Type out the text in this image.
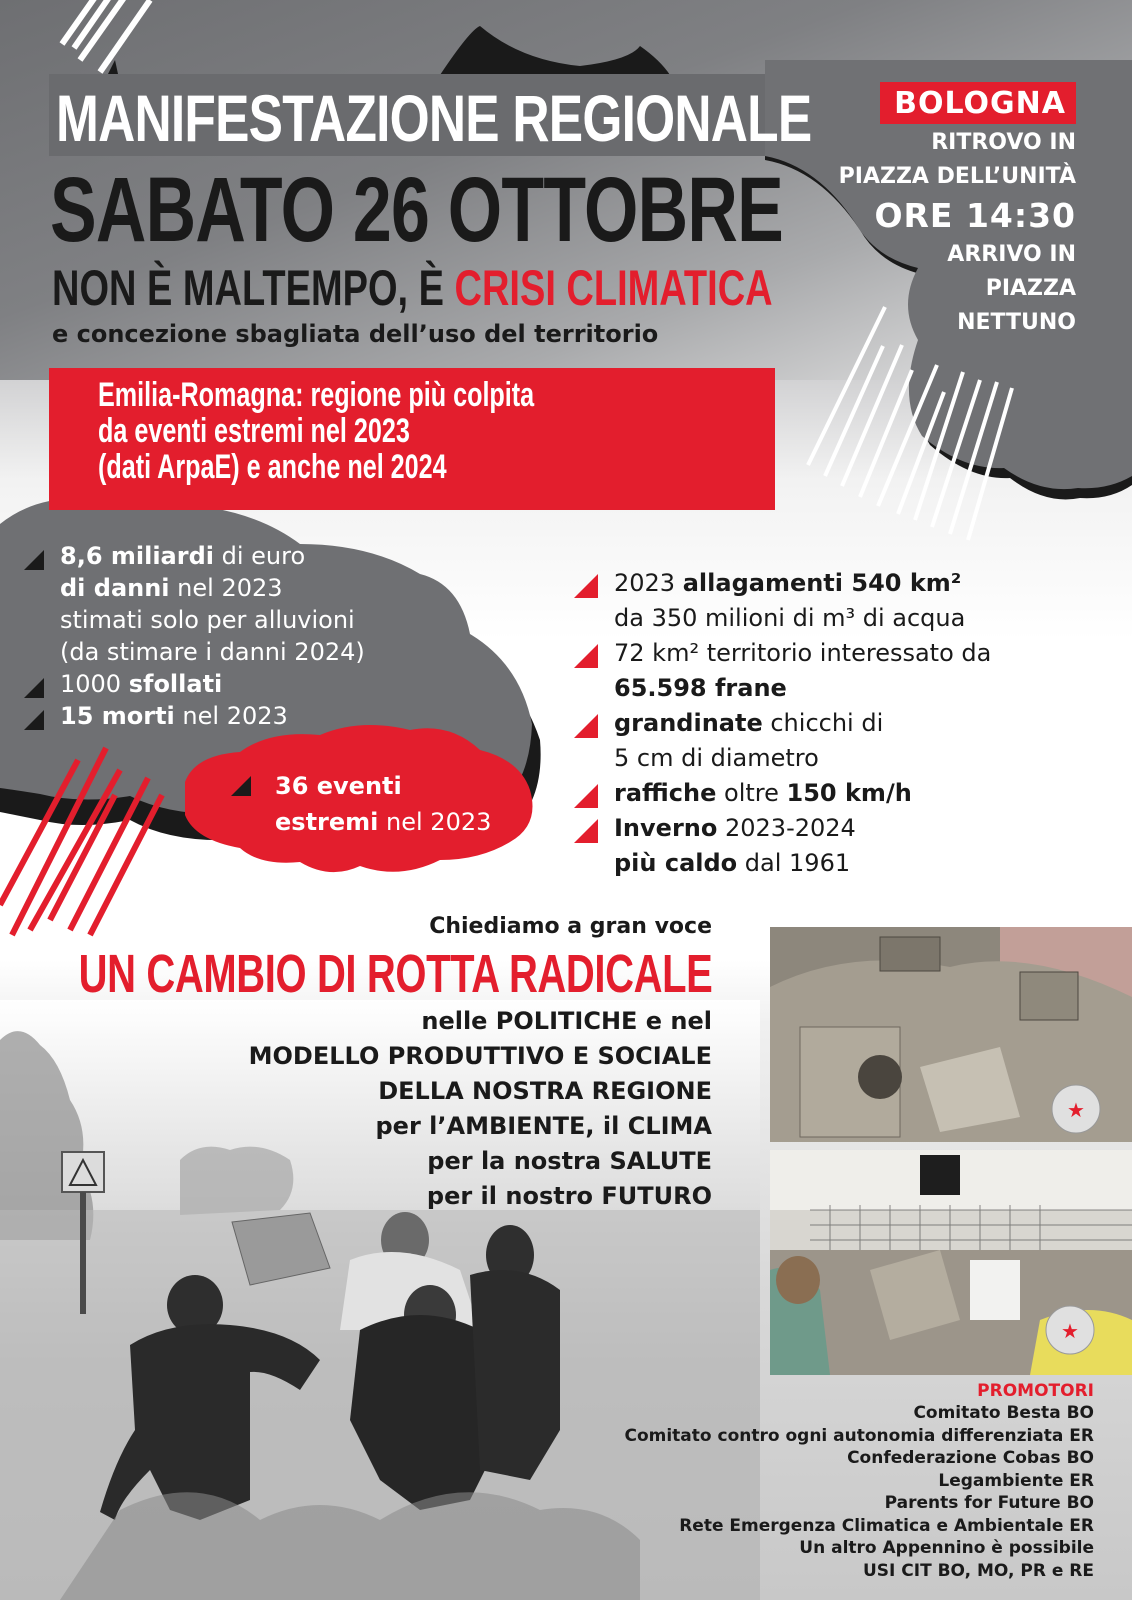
MANIFESTAZIONE REGIONALE
SABATO 26 OTTOBRE
NON È MALTEMPO, È CRISI CLIMATICA
e concezione sbagliata dell’uso del territorio
BOLOGNA
RITROVO IN
PIAZZA DELL’UNITÀ
ORE 14:30
ARRIVO IN
PIAZZA
NETTUNO
Emilia-Romagna: regione più colpita
da eventi estremi nel 2023
(dati ArpaE) e anche nel 2024
8,6 miliardi di euro
di danni nel 2023
stimati solo per alluvioni
(da stimare i danni 2024)
1000 sfollati
15 morti nel 2023
36 eventi
estremi nel 2023
2023 allagamenti 540 km²
da 350 milioni di m³ di acqua
72 km² territorio interessato da
65.598 frane
grandinate chicchi di
5 cm di diametro
raffiche oltre 150 km/h
Inverno 2023-2024
più caldo dal 1961
Chiediamo a gran voce
UN CAMBIO DI ROTTA RADICALE
nelle POLITICHE e nel
MODELLO PRODUTTIVO E SOCIALE
DELLA NOSTRA REGIONE
per l’AMBIENTE, il CLIMA
per la nostra SALUTE
per il nostro FUTURO
★
★
PROMOTORI
Comitato Besta BO
Comitato contro ogni autonomia differenziata ER
Confederazione Cobas BO
Legambiente ER
Parents for Future BO
Rete Emergenza Climatica e Ambientale ER
Un altro Appennino è possibile
USI CIT BO, MO, PR e RE
